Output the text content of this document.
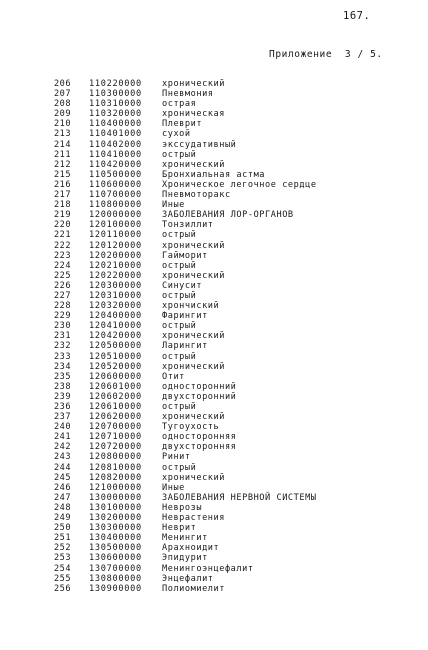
167.
Приложение  3 / 5.
206 110220000 хронический
207 110300000 Пневмония
208 110310000 острая
209 110320000 хроническая
210 110400000 Плеврит
213 110401000 сухой
214 110402000 экссудативный
211 110410000 острый
212 110420000 хронический
215 110500000 Бронхиальная астма
216 110600000 Хроническое легочное сердце
217 110700000 Пневмоторакс
218 110800000 Иные
219 120000000 ЗАБОЛЕВАНИЯ ЛОР-ОРГАНОВ
220 120100000 Тонзиллит
221 120110000 острый
222 120120000 хронический
223 120200000 Гайморит
224 120210000 острый
225 120220000 хронический
226 120300000 Синусит
227 120310000 острый
228 120320000 хрончиский
229 120400000 Фарингит
230 120410000 острый
231 120420000 хронический
232 120500000 Ларингит
233 120510000 острый
234 120520000 хронический
235 120600000 Отит
238 120601000 односторонний
239 120602000 двухсторонний
236 120610000 острый
237 120620000 хронический
240 120700000 Тугоухость
241 120710000 односторонняя
242 120720000 двухсторонняя
243 120800000 Ринит
244 120810000 острый
245 120820000 хронический
246 121000000 Иные
247 130000000 ЗАБОЛЕВАНИЯ НЕРВНОЙ СИСТЕМЫ
248 130100000 Неврозы
249 130200000 Неврастения
250 130300000 Неврит
251 130400000 Менингит
252 130500000 Арахноидит
253 130600000 Эпидурит
254 130700000 Менингоэнцефалит
255 130800000 Энцефалит
256 130900000 Полиомиелит
